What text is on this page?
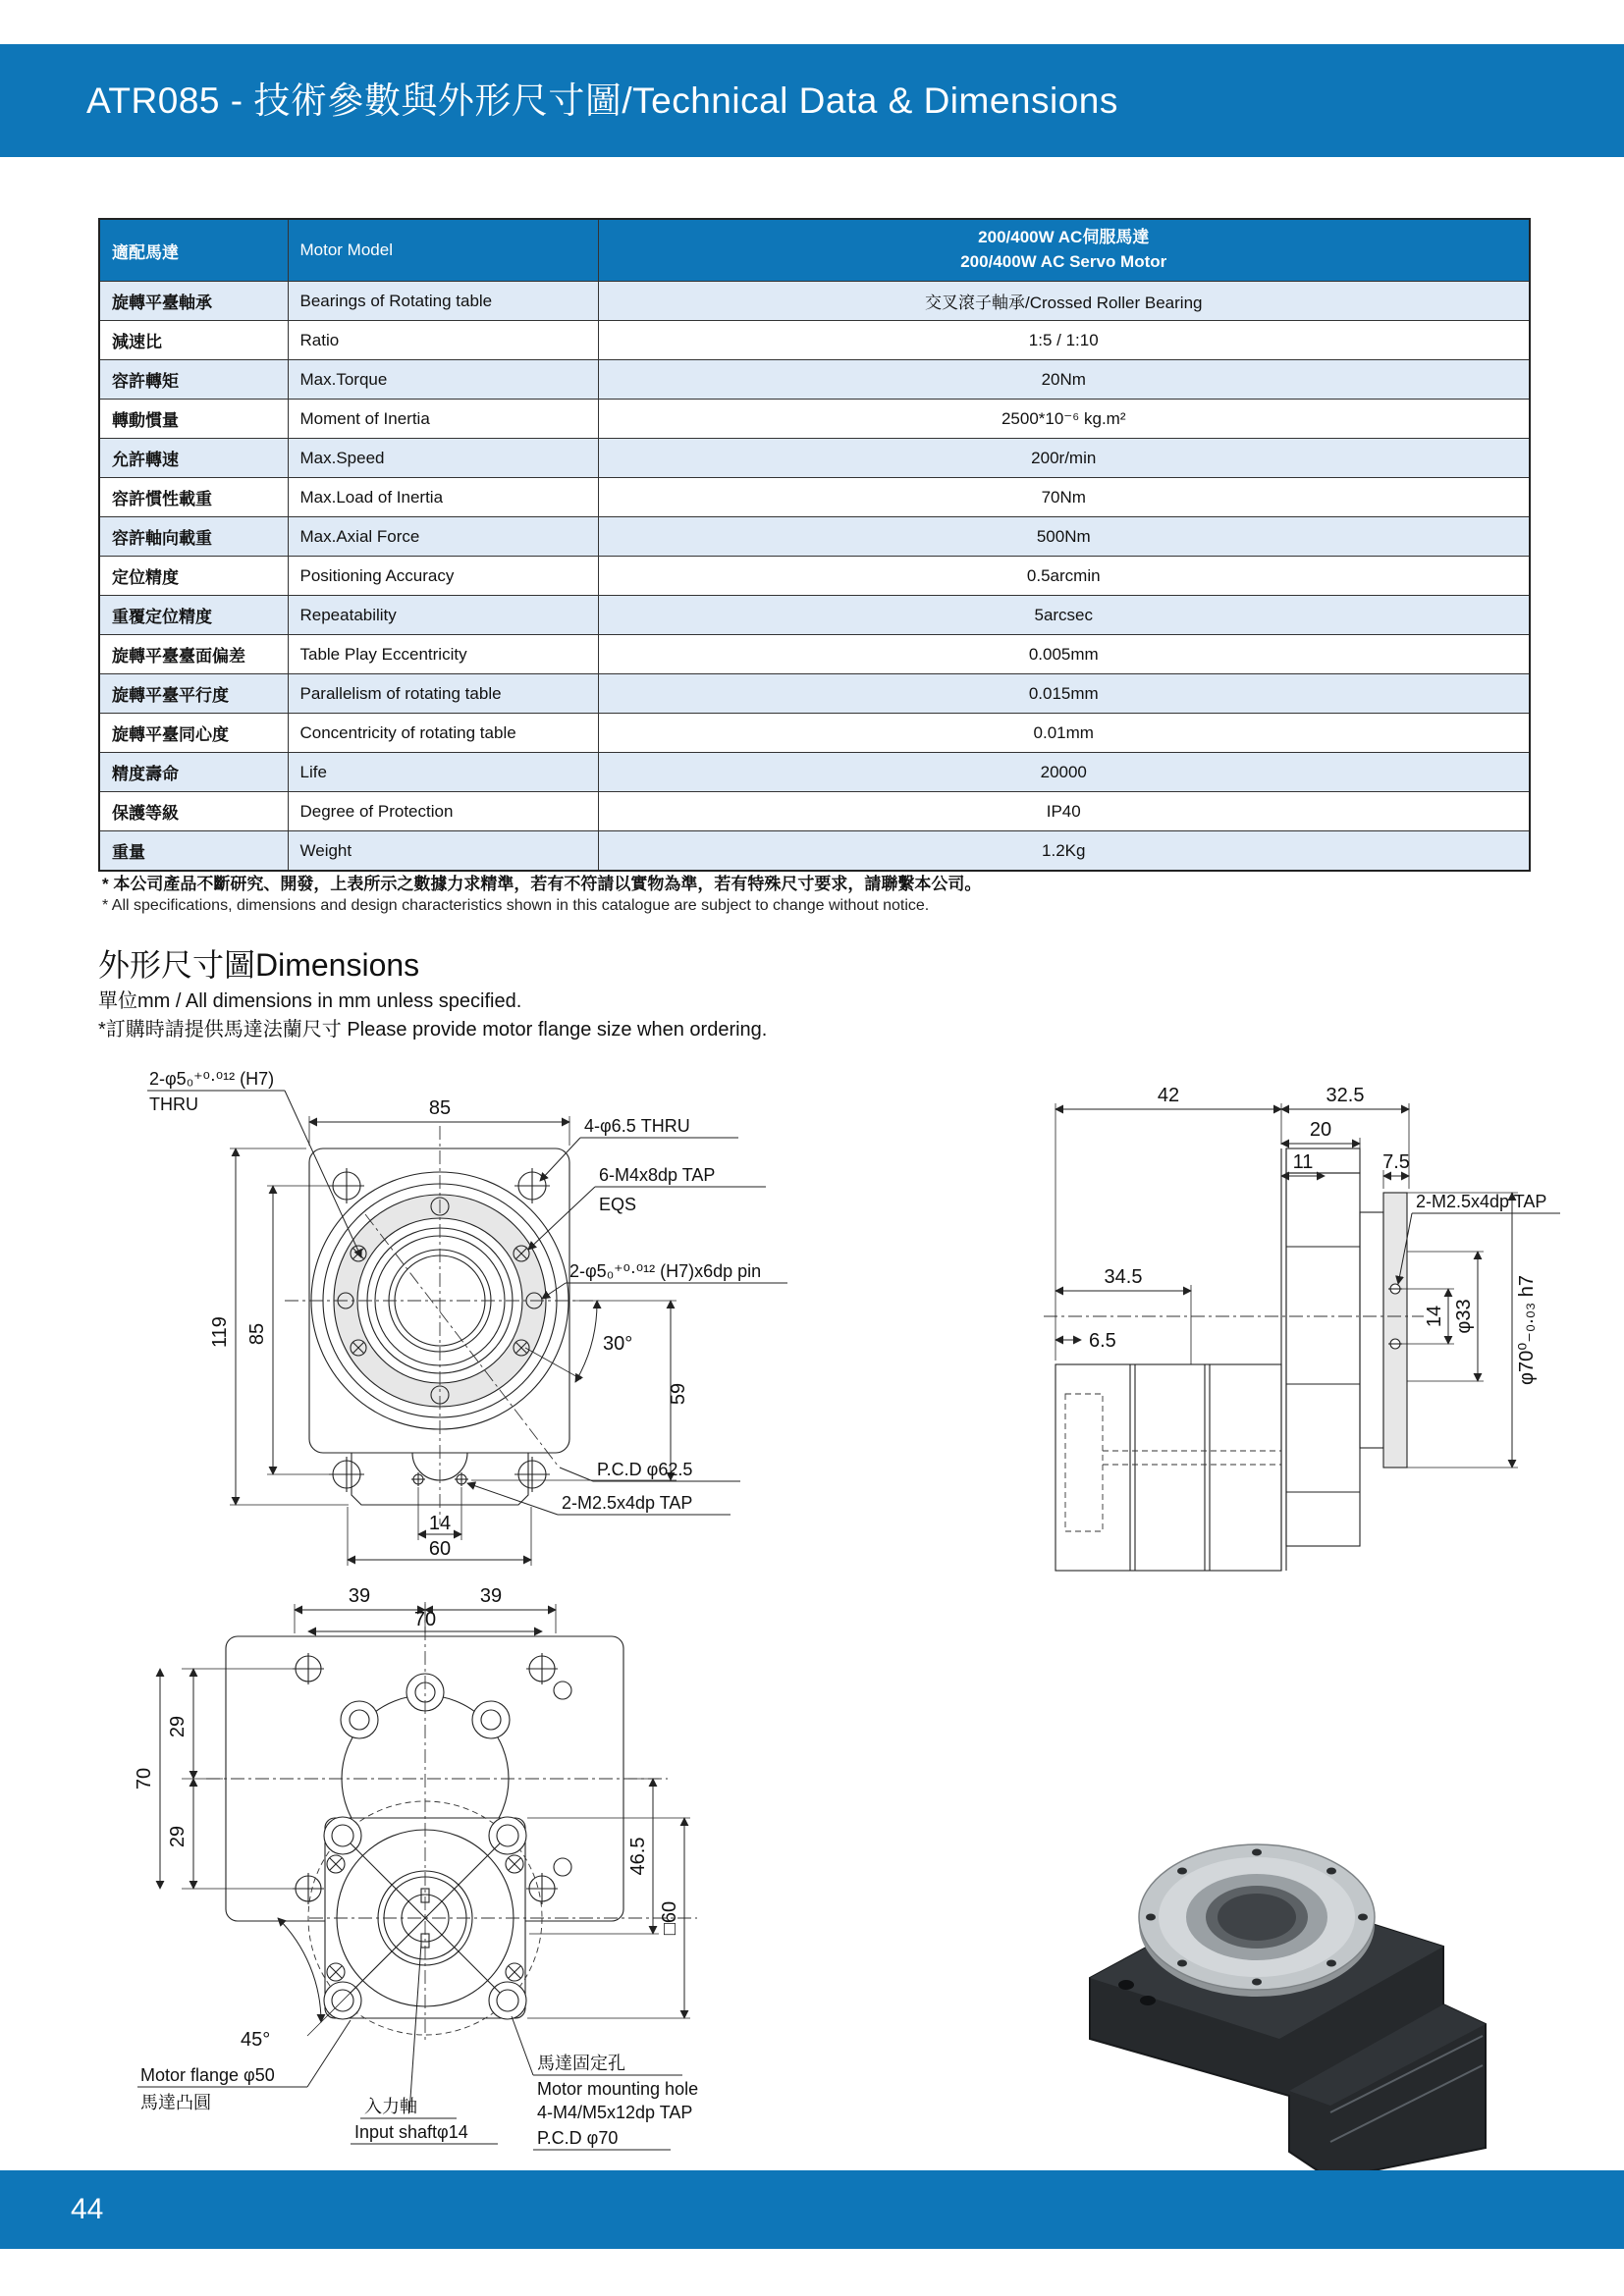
ATR085 - 技術參數與外形尺寸圖/Technical Data & Dimensions
適配馬達	Motor Model	200/400W AC伺服馬達
200/400W AC Servo Motor

旋轉平臺軸承	Bearings of Rotating table	交叉滾子軸承/Crossed Roller Bearing
減速比	Ratio	1:5 / 1:10
容許轉矩	Max.Torque	20Nm
轉動慣量	Moment of Inertia	2500*10⁻⁶ kg.m²
允許轉速	Max.Speed	200r/min
容許慣性載重	Max.Load of Inertia	70Nm
容許軸向載重	Max.Axial Force	500Nm
定位精度	Positioning Accuracy	0.5arcmin
重覆定位精度	Repeatability	5arcsec
旋轉平臺臺面偏差	Table Play Eccentricity	0.005mm
旋轉平臺平行度	Parallelism of rotating table	0.015mm
旋轉平臺同心度	Concentricity of rotating table	0.01mm
精度壽命	Life	20000
保護等級	Degree of Protection	IP40
重量	Weight	1.2Kg
* 本公司產品不斷研究、開發，上表所示之數據力求精準，若有不符請以實物為準，若有特殊尺寸要求，請聯繫本公司。
* All specifications, dimensions and design characteristics shown in this catalogue are subject to change without notice.
外形尺寸圖Dimensions
單位mm / All dimensions in mm unless specified.
*訂購時請提供馬達法蘭尺寸 Please provide motor flange size when ordering.
85
85
119
59
30°
14
60
2-φ5₀⁺⁰·⁰¹² (H7)
THRU
4-φ6.5 THRU
6-M4x8dp TAP
EQS
2-φ5₀⁺⁰·⁰¹² (H7)x6dp pin
P.C.D φ62.5
2-M2.5x4dp TAP
42	32.5
20
11	7.5
34.5
6.5
14 φ33 φ70⁰₋₀.₀₃ h7
2-M2.5x4dp TAP
39	39
70
29
29
70
46.5
□60
45°
Motor flange φ50
馬達凸圓	入力軸
Input shaftφ14
馬達固定孔
Motor mounting hole
4-M4/M5x12dp TAP
P.C.D φ70
44
